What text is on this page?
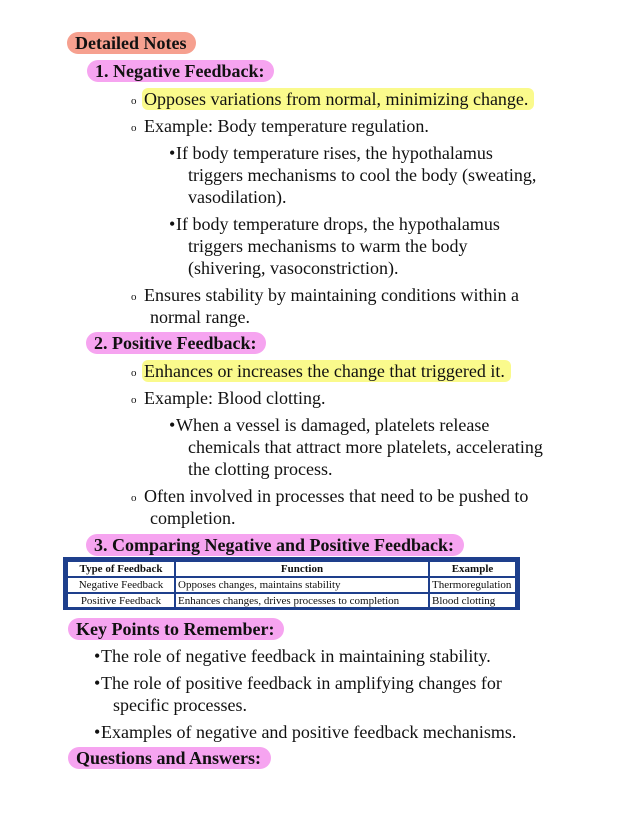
Detailed Notes
1. Negative Feedback:
o Opposes variations from normal, minimizing change.
o Example: Body temperature regulation.
• If body temperature rises, the hypothalamus
triggers mechanisms to cool the body (sweating,
vasodilation).
• If body temperature drops, the hypothalamus
triggers mechanisms to warm the body
(shivering, vasoconstriction).
o Ensures stability by maintaining conditions within a
normal range.
2. Positive Feedback:
o Enhances or increases the change that triggered it.
o Example: Blood clotting.
• When a vessel is damaged, platelets release
chemicals that attract more platelets, accelerating
the clotting process.
o Often involved in processes that need to be pushed to
completion.
3. Comparing Negative and Positive Feedback:
Type of Feedback	Function	Example
Negative Feedback	Opposes changes, maintains stability	Thermoregulation
Positive Feedback	Enhances changes, drives processes to completion	Blood clotting
Key Points to Remember:
• The role of negative feedback in maintaining stability.
• The role of positive feedback in amplifying changes for
specific processes.
• Examples of negative and positive feedback mechanisms.
Questions and Answers:
